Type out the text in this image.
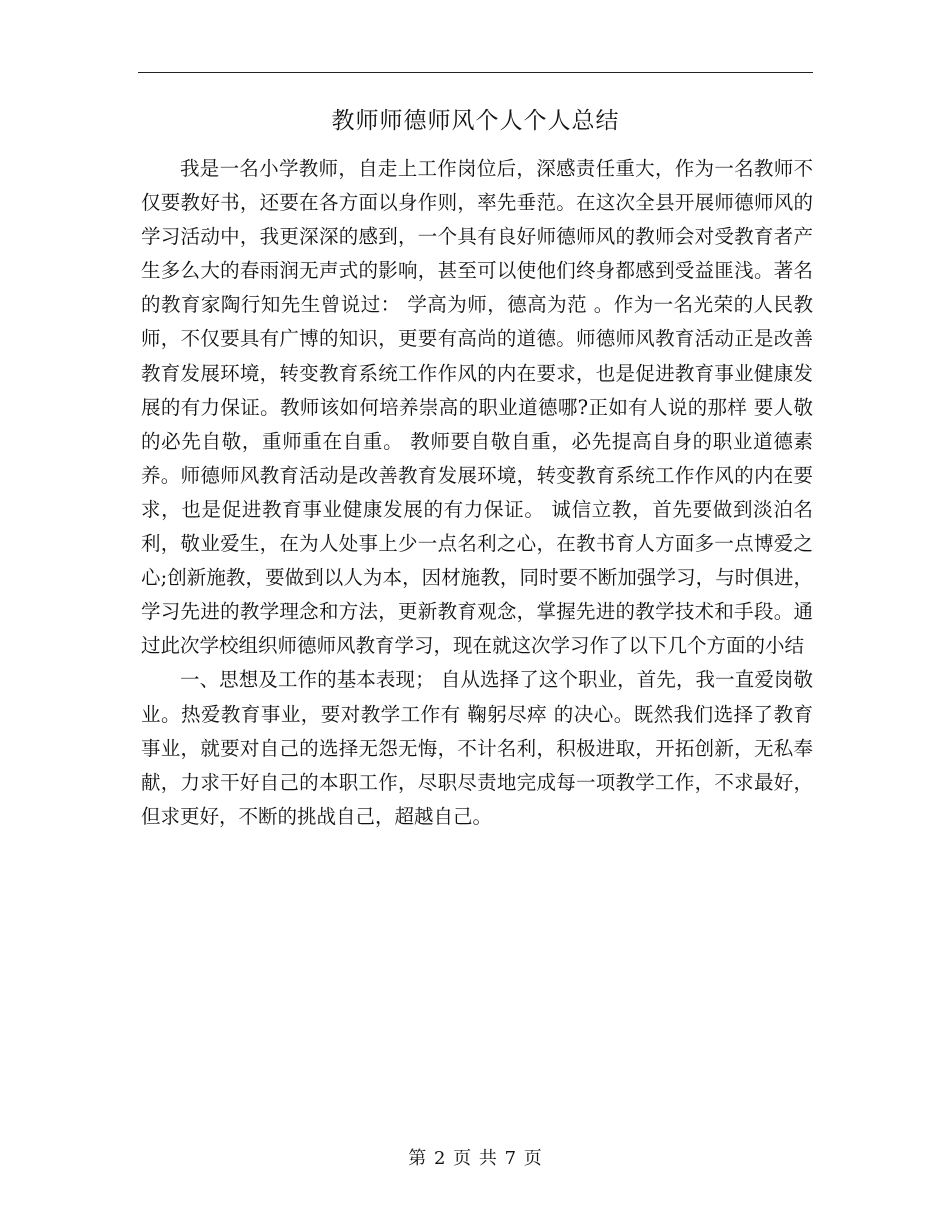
教师师德师风个人个人总结

我是一名小学教师，自走上工作岗位后，深感责任重大，作为一名教师不仅要教好书，还要在各方面以身作则，率先垂范。在这次全县开展师德师风的学习活动中，我更深深的感到，一个具有良好师德师风的教师会对受教育者产生多么大的春雨润无声式的影响，甚至可以使他们终身都感到受益匪浅。著名的教育家陶行知先生曾说过： 学高为师，德高为范 。作为一名光荣的人民教师，不仅要具有广博的知识，更要有高尚的道德。师德师风教育活动正是改善教育发展环境，转变教育系统工作作风的内在要求，也是促进教育事业健康发展的有力保证。教师该如何培养崇高的职业道德哪?正如有人说的那样 要人敬的必先自敬，重师重在自重。 教师要自敬自重，必先提高自身的职业道德素养。师德师风教育活动是改善教育发展环境，转变教育系统工作作风的内在要求，也是促进教育事业健康发展的有力保证。 诚信立教，首先要做到淡泊名利，敬业爱生，在为人处事上少一点名利之心，在教书育人方面多一点博爱之心;创新施教，要做到以人为本，因材施教，同时要不断加强学习，与时俱进，学习先进的教学理念和方法，更新教育观念，掌握先进的教学技术和手段。通过此次学校组织师德师风教育学习，现在就这次学习作了以下几个方面的小结

一、思想及工作的基本表现； 自从选择了这个职业，首先，我一直爱岗敬业。热爱教育事业，要对教学工作有 鞠躬尽瘁 的决心。既然我们选择了教育事业，就要对自己的选择无怨无悔，不计名利，积极进取，开拓创新，无私奉献，力求干好自己的本职工作，尽职尽责地完成每一项教学工作，不求最好，但求更好，不断的挑战自己，超越自己。

第 2 页 共 7 页
